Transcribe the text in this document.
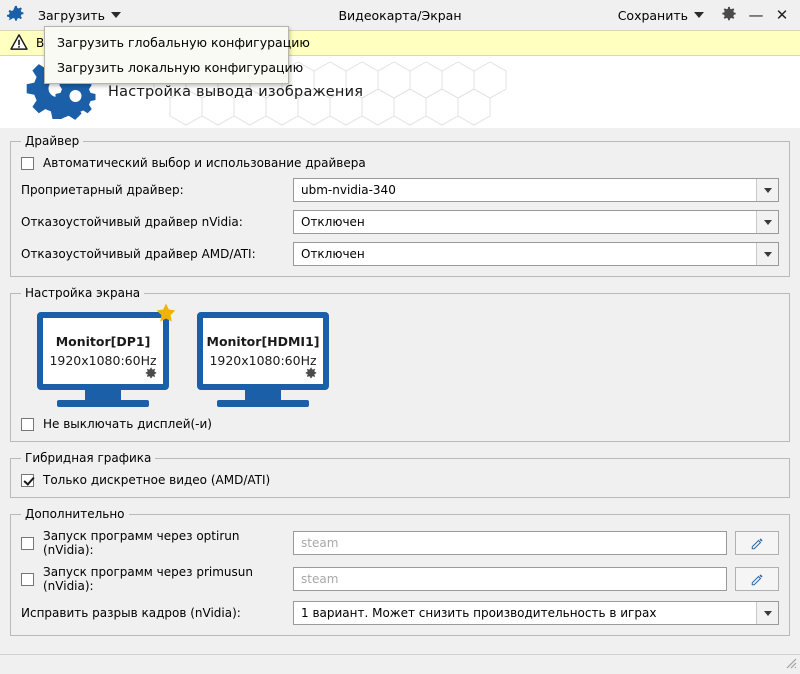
Загрузить	Видеокарта/Экран	Сохранить	— ✕
Загрузить глобальную конфигурацию
Загрузить локальную конфигурацию
В
Настройка вывода изображения
Драйвер
Автоматический выбор и использование драйвера
Проприетарный драйвер:	ubm-nvidia-340
Отказоустойчивый драйвер nVidia:	Отключен
Отказоустойчивый драйвер AMD/ATI:	Отключен
Настройка экрана
Monitor[DP1]
1920x1080:60Hz
Monitor[HDMI1]
1920x1080:60Hz
Не выключать дисплей(-и)
Гибридная графика
Только дискретное видео (AMD/ATI)
Дополнительно
Запуск программ через optirun (nVidia):
steam
Запуск программ через primusun (nVidia):
steam
Исправить разрыв кадров (nVidia):	1 вариант. Может снизить производительность в играх
